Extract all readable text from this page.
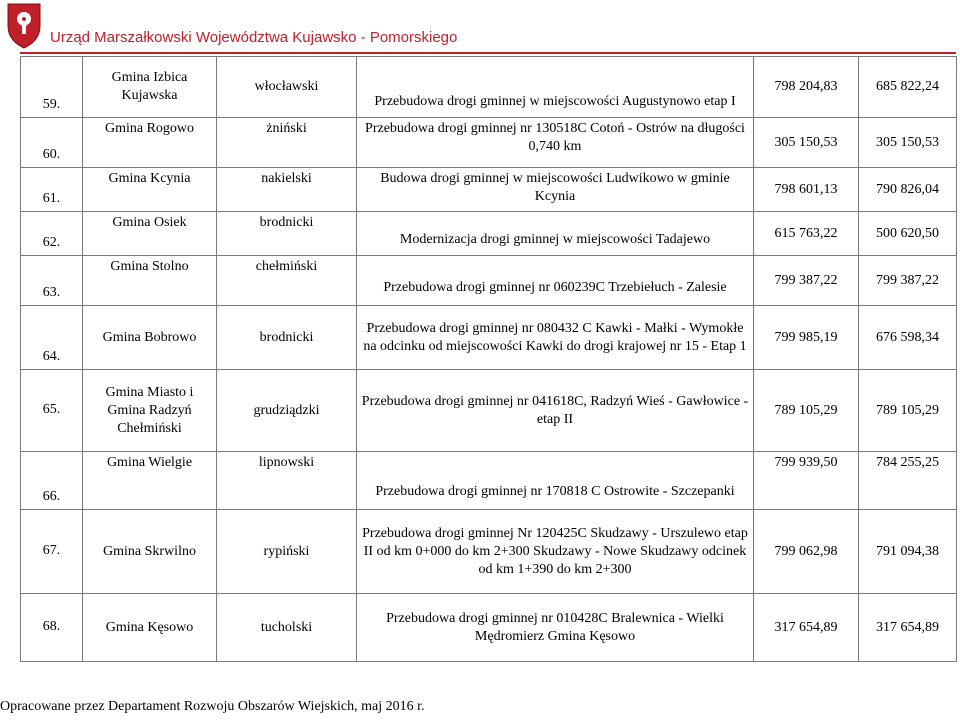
Urząd Marszałkowski Województwa Kujawsko - Pomorskiego
59.	Gmina Izbica Kujawska	włocławski	Przebudowa drogi gminnej w miejscowości Augustynowo etap I	798 204,83	685 822,24
60.	Gmina Rogowo	żniński	Przebudowa drogi gminnej nr 130518C Cotoń - Ostrów na długości 0,740 km	305 150,53	305 150,53
61.	Gmina Kcynia	nakielski	Budowa drogi gminnej w miejscowości Ludwikowo w gminie Kcynia	798 601,13	790 826,04
62.	Gmina Osiek	brodnicki	Modernizacja drogi gminnej w miejscowości Tadajewo	615 763,22	500 620,50
63.	Gmina Stolno	chełmiński	Przebudowa drogi gminnej nr 060239C Trzebiełuch - Zalesie	799 387,22	799 387,22
64.	Gmina Bobrowo	brodnicki	Przebudowa drogi gminnej nr 080432 C Kawki - Małki - Wymokłe na odcinku od miejscowości Kawki do drogi krajowej nr 15 - Etap 1	799 985,19	676 598,34
65.	Gmina Miasto i Gmina Radzyń Chełmiński	grudziądzki	Przebudowa drogi gminnej nr 041618C, Radzyń Wieś - Gawłowice - etap II	789 105,29	789 105,29
66.	Gmina Wielgie	lipnowski	Przebudowa drogi gminnej nr 170818 C Ostrowite - Szczepanki	799 939,50	784 255,25
67.	Gmina Skrwilno	rypiński	Przebudowa drogi gminnej Nr 120425C Skudzawy - Urszulewo etap II od km 0+000 do km 2+300 Skudzawy - Nowe Skudzawy odcinek od km 1+390 do km 2+300	799 062,98	791 094,38
68.	Gmina Kęsowo	tucholski	Przebudowa drogi gminnej nr 010428C Bralewnica - Wielki Mędromierz Gmina Kęsowo	317 654,89	317 654,89
Opracowane przez Departament Rozwoju Obszarów Wiejskich, maj 2016 r.
